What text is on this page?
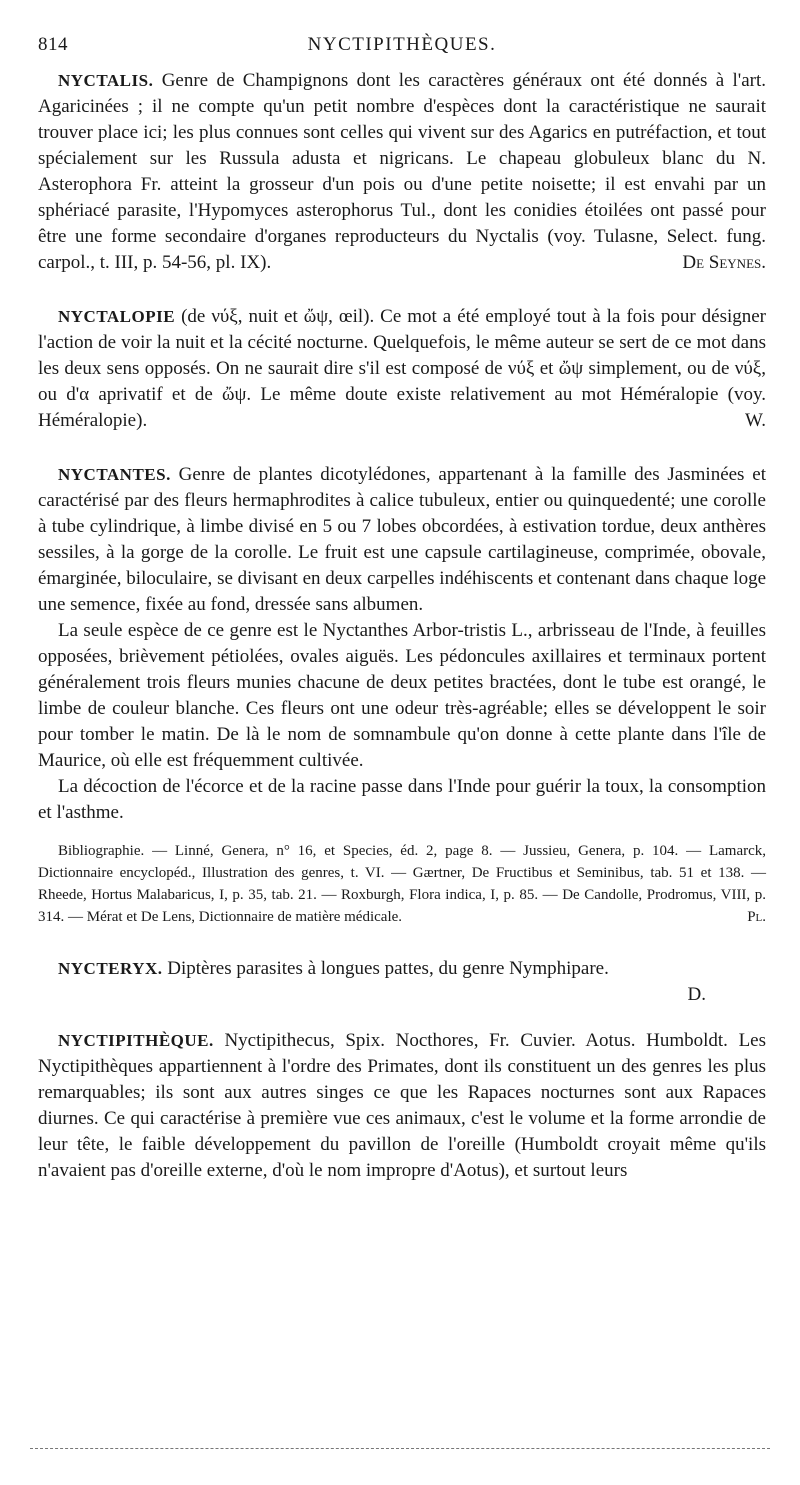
814	NYCTIPITHÈQUES.

NYCTALIS. Genre de Champignons dont les caractères généraux ont été donnés à l'art. Agaricinées ; il ne compte qu'un petit nombre d'espèces dont la caractéristique ne saurait trouver place ici; les plus connues sont celles qui vivent sur des Agarics en putréfaction, et tout spécialement sur les Russula adusta et nigricans. Le chapeau globuleux blanc du N. Asterophora Fr. atteint la grosseur d'un pois ou d'une petite noisette; il est envahi par un sphériacé parasite, l'Hypomyces asterophorus Tul., dont les conidies étoilées ont passé pour être une forme secondaire d'organes reproducteurs du Nyctalis (voy. Tulasne, Select. fung. carpol., t. III, p. 54-56, pl. IX).	De Seynes.

NYCTALOPIE (de νύξ, nuit et ὤψ, œil). Ce mot a été employé tout à la fois pour désigner l'action de voir la nuit et la cécité nocturne. Quelquefois, le même auteur se sert de ce mot dans les deux sens opposés. On ne saurait dire s'il est composé de νύξ et ὤψ simplement, ou de νύξ, ou d'α aprivatif et de ὤψ. Le même doute existe relativement au mot Héméralopie (voy. Héméralopie).	W.

NYCTANTES. Genre de plantes dicotylédones, appartenant à la famille des Jasminées et caractérisé par des fleurs hermaphrodites à calice tubuleux, entier ou quinquedenté; une corolle à tube cylindrique, à limbe divisé en 5 ou 7 lobes obcordées, à estivation tordue, deux anthères sessiles, à la gorge de la corolle. Le fruit est une capsule cartilagineuse, comprimée, obovale, émarginée, biloculaire, se divisant en deux carpelles indéhiscents et contenant dans chaque loge une semence, fixée au fond, dressée sans albumen.

La seule espèce de ce genre est le Nyctanthes Arbor-tristis L., arbrisseau de l'Inde, à feuilles opposées, brièvement pétiolées, ovales aiguës. Les pédoncules axillaires et terminaux portent généralement trois fleurs munies chacune de deux petites bractées, dont le tube est orangé, le limbe de couleur blanche. Ces fleurs ont une odeur très-agréable; elles se développent le soir pour tomber le matin. De là le nom de somnambule qu'on donne à cette plante dans l'île de Maurice, où elle est fréquemment cultivée.

La décoction de l'écorce et de la racine passe dans l'Inde pour guérir la toux, la consomption et l'asthme.

Bibliographie. — Linné, Genera, n° 16, et Species, éd. 2, page 8. — Jussieu, Genera, p. 104. — Lamarck, Dictionnaire encyclopéd., Illustration des genres, t. VI. — Gærtner, De Fructibus et Seminibus, tab. 51 et 138. — Rheede, Hortus Malabaricus, I, p. 35, tab. 21. — Roxburgh, Flora indica, I, p. 85. — De Candolle, Prodromus, VIII, p. 314. — Mérat et De Lens, Dictionnaire de matière médicale.	Pl.

NYCTERYX. Diptères parasites à longues pattes, du genre Nymphipare.

D.

NYCTIPITHÈQUE. Nyctipithecus, Spix. Nocthores, Fr. Cuvier. Aotus. Humboldt. Les Nyctipithèques appartiennent à l'ordre des Primates, dont ils constituent un des genres les plus remarquables; ils sont aux autres singes ce que les Rapaces nocturnes sont aux Rapaces diurnes. Ce qui caractérise à première vue ces animaux, c'est le volume et la forme arrondie de leur tête, le faible développement du pavillon de l'oreille (Humboldt croyait même qu'ils n'avaient pas d'oreille externe, d'où le nom impropre d'Aotus), et surtout leurs
